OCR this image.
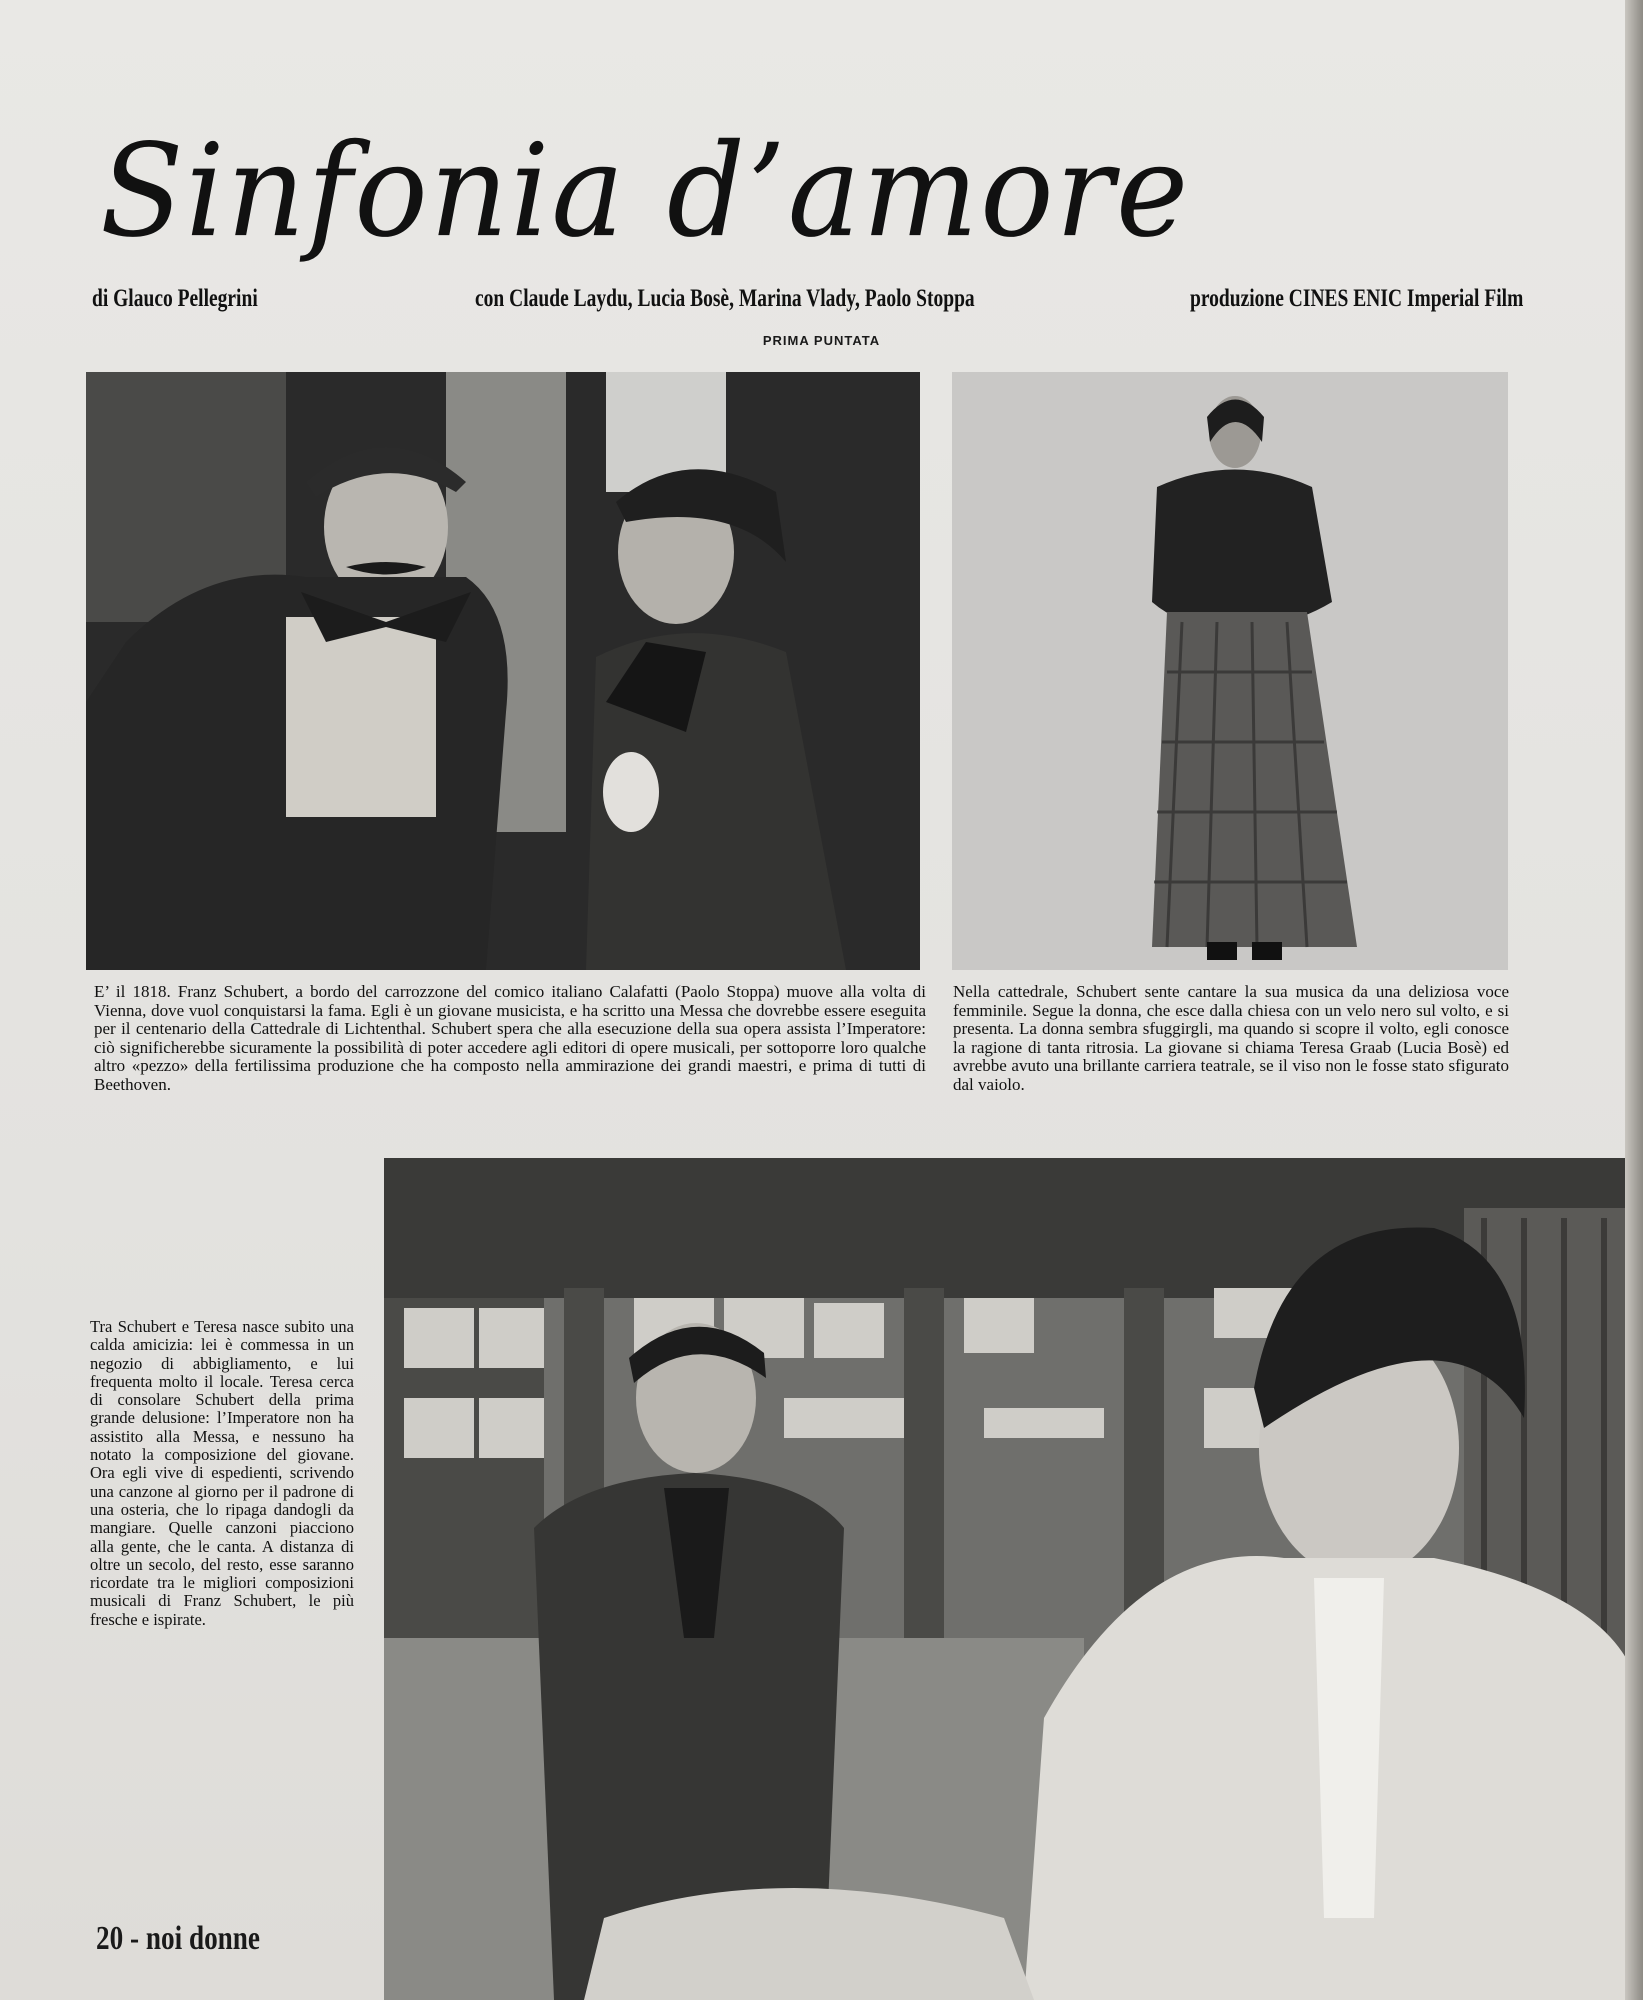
Sinfonia d’amore
di Glauco Pellegrini	con Claude Laydu, Lucia Bosè, Marina Vlady, Paolo Stoppa	produzione CINES ENIC Imperial Film
PRIMA PUNTATA
E’ il 1818. Franz Schubert, a bordo del carrozzone del comico italiano Calafatti (Paolo Stoppa) muove alla volta di Vienna, dove vuol conquistarsi la fama. Egli è un giovane musicista, e ha scritto una Messa che dovrebbe essere eseguita per il centenario della Cattedrale di Lichtenthal. Schubert spera che alla esecuzione della sua opera assista l’Imperatore: ciò significherebbe sicuramente la possibilità di poter accedere agli editori di opere musicali, per sottoporre loro qualche altro «pezzo» della fertilissima produzione che ha composto nella ammirazione dei grandi maestri, e prima di tutti di Beethoven.
Nella cattedrale, Schubert sente cantare la sua musica da una deliziosa voce femminile. Segue la donna, che esce dalla chiesa con un velo nero sul volto, e si presenta. La donna sembra sfuggirgli, ma quando si scopre il volto, egli conosce la ragione di tanta ritrosia. La giovane si chiama Teresa Graab (Lucia Bosè) ed avrebbe avuto una brillante carriera teatrale, se il viso non le fosse stato sfigurato dal vaiolo.
Tra Schubert e Teresa nasce subito una calda amicizia: lei è commessa in un negozio di abbigliamento, e lui frequenta molto il locale. Teresa cerca di consolare Schubert della prima grande delusione: l’Imperatore non ha assistito alla Messa, e nessuno ha notato la composizione del giovane. Ora egli vive di espedienti, scrivendo una canzone al giorno per il padrone di una osteria, che lo ripaga dandogli da mangiare. Quelle canzoni piacciono alla gente, che le canta. A distanza di oltre un secolo, del resto, esse saranno ricordate tra le migliori composizioni musicali di Franz Schubert, le più fresche e ispirate.
20 - noi donne
